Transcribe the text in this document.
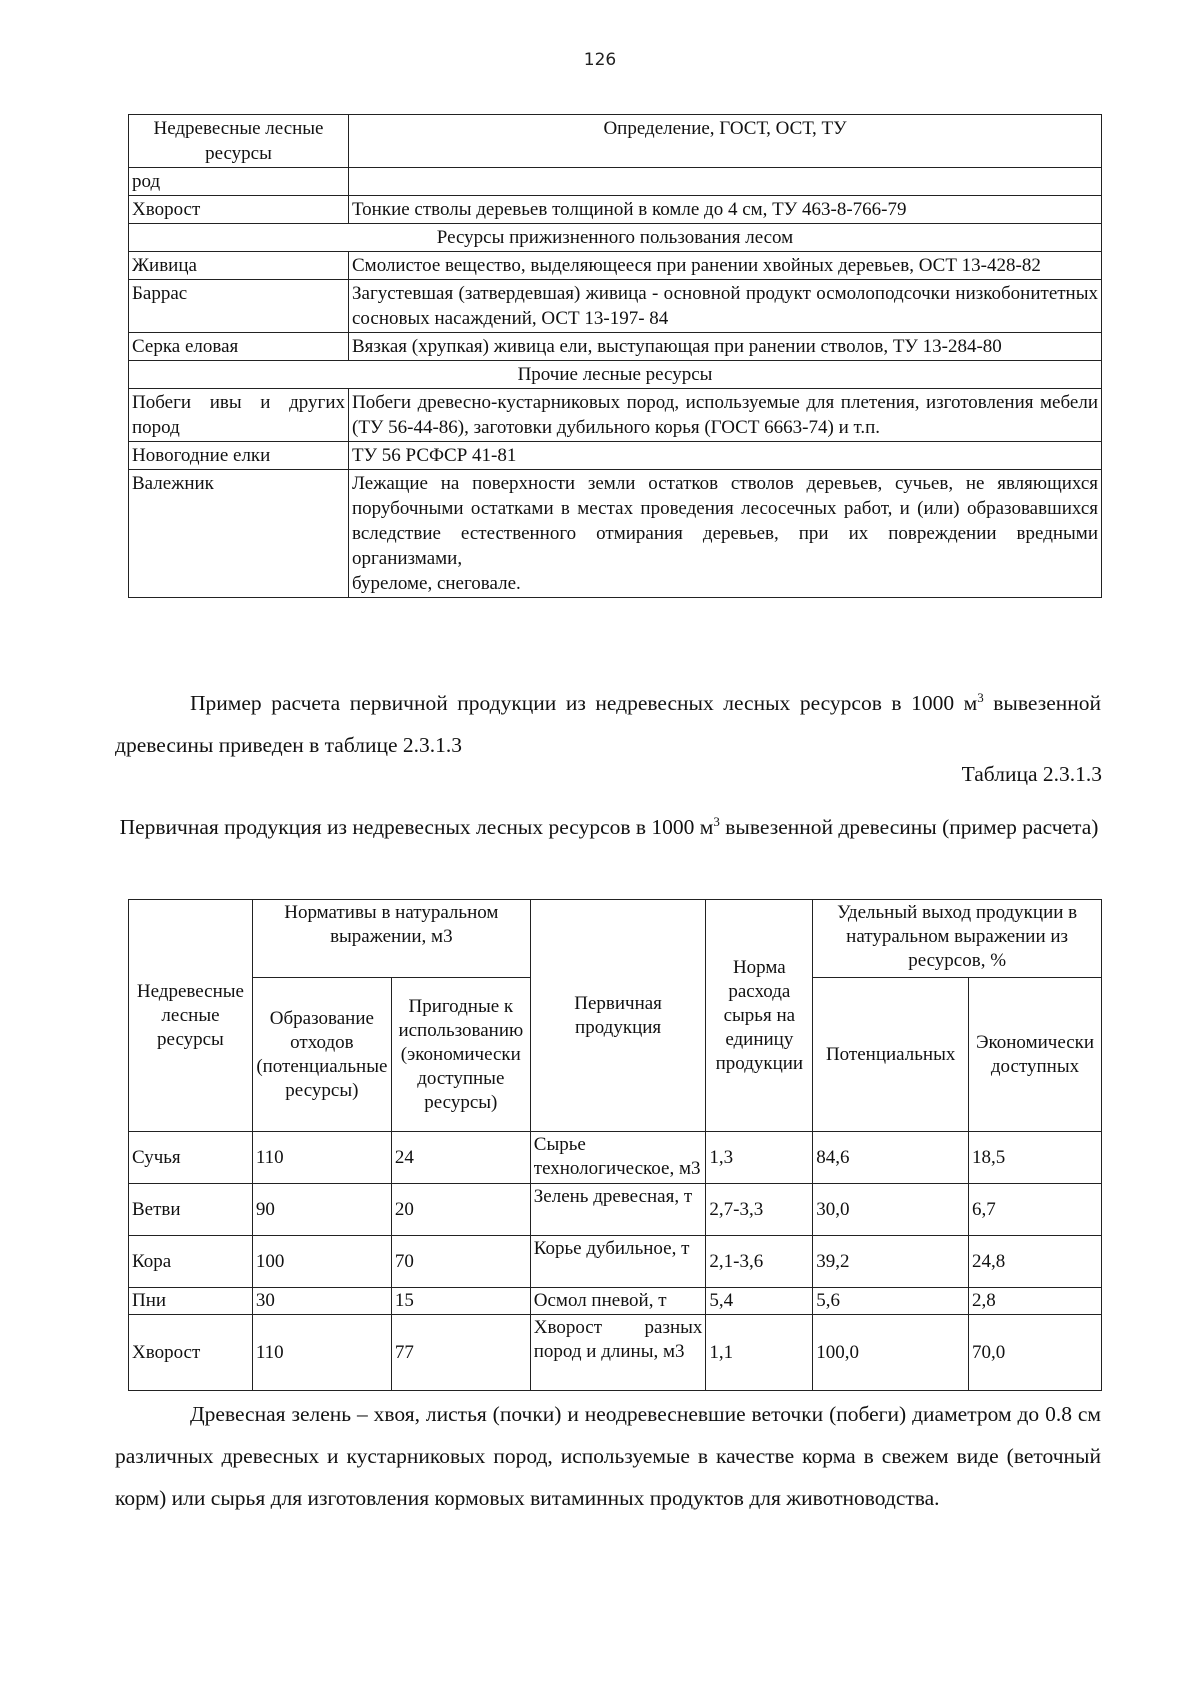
126
Недревесные лесные ресурсы	Определение, ГОСТ, ОСТ, ТУ
род	
Хворост	Тонкие стволы деревьев толщиной в комле до 4 см, ТУ 463-8-766-79
Ресурсы прижизненного пользования лесом	
Живица	Смолистое вещество, выделяющееся при ранении хвойных деревьев, ОСТ 13-428-82
Баррас	Загустевшая (затвердевшая) живица - основной продукт осмолоподсочки низкобонитетных сосновых насаждений, ОСТ 13-197- 84
Серка еловая	Вязкая (хрупкая) живица ели, выступающая при ранении стволов, ТУ 13-284-80
Прочие лесные ресурсы	
Побеги ивы и других пород	Побеги древесно-кустарниковых пород, используемые для плетения, изготовления мебели (ТУ 56-44-86), заготовки дубильного корья (ГОСТ 6663-74) и т.п.
Новогодние елки	ТУ 56 РСФСР 41-81
Валежник	Лежащие на поверхности земли остатков стволов деревьев, сучьев, не являющихся порубочными остатками в местах проведения лесосечных работ, и (или) образовавшихся вследствие естественного отмирания деревьев, при их повреждении вредными организмами,
буреломе, снеговале.
Пример расчета первичной продукции из недревесных лесных ресурсов в 1000 $м^3$ вывезенной древесины приведен в таблице 2.3.1.3
Таблица 2.3.1.3
Первичная продукция из недревесных лесных ресурсов в 1000 $м^3$ вывезенной древесины (пример расчета)
Недревесные лесные ресурсы	Нормативы в натуральном выражении, м3		Первичная продукция	Норма расхода сырья на единицу продукции	Удельный выход продукции в натуральном выражении из ресурсов, %	
	Образование отходов (потенциальные ресурсы)	Пригодные к использованию (экономически доступные ресурсы)			Потенциальных	Экономически доступных
Сучья	110	24	Сырье технологическое, м3	1,3	84,6	18,5
Ветви	90	20	Зелень древесная, т	2,7-3,3	30,0	6,7
Кора	100	70	Корье дубильное, т	2,1-3,6	39,2	24,8
Пни	30	15	Осмол пневой, т	5,4	5,6	2,8
Хворост	110	77	Хворост разных пород и длины, м3	1,1	100,0	70,0
Древесная зелень – хвоя, листья (почки) и неодревесневшие веточки (побеги) диаметром до 0.8 см различных древесных и кустарниковых пород, используемые в качестве корма в свежем виде (веточный корм) или сырья для изготовления кормовых витаминных продуктов для животноводства.
